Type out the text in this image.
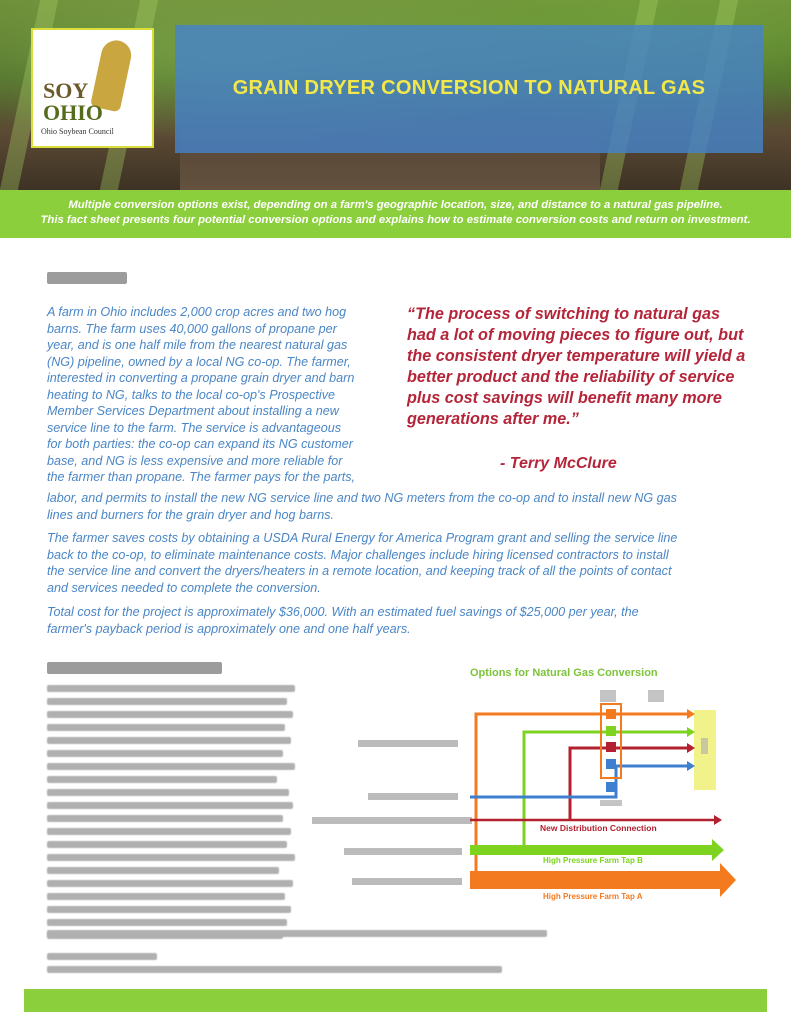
GRAIN DRYER CONVERSION TO NATURAL GAS
SOY
OHIO
Ohio Soybean Council
Multiple conversion options exist, depending on a farm's geographic location, size, and distance to a natural gas pipeline.
This fact sheet presents four potential conversion options and explains how to estimate conversion costs and return on investment.
A farm in Ohio includes 2,000 crop acres and two hog
barns. The farm uses 40,000 gallons of propane per
year, and is one half mile from the nearest natural gas
(NG) pipeline, owned by a local NG co-op. The farmer,
interested in converting a propane grain dryer and barn
heating to NG, talks to the local co-op's Prospective
Member Services Department about installing a new
service line to the farm. The service is advantageous
for both parties: the co-op can expand its NG customer
base, and NG is less expensive and more reliable for
the farmer than propane. The farmer pays for the parts,
“The process of switching to natural gas had a lot of moving pieces to figure out, but the consistent dryer temperature will yield a better product and the reliability of service plus cost savings will benefit many more generations after me.”
- Terry McClure
labor, and permits to install the new NG service line and two NG meters from the co-op and to install new NG gas
lines and burners for the grain dryer and hog barns.
The farmer saves costs by obtaining a USDA Rural Energy for America Program grant and selling the service line
back to the co-op, to eliminate maintenance costs. Major challenges include hiring licensed contractors to install
the service line and convert the dryers/heaters in a remote location, and keeping track of all the points of contact
and services needed to complete the conversion.
Total cost for the project is approximately $36,000. With an estimated fuel savings of $25,000 per year, the
farmer's payback period is approximately one and one half years.
Options for Natural Gas Conversion
New Distribution Connection
High Pressure Farm Tap B
High Pressure Farm Tap A
